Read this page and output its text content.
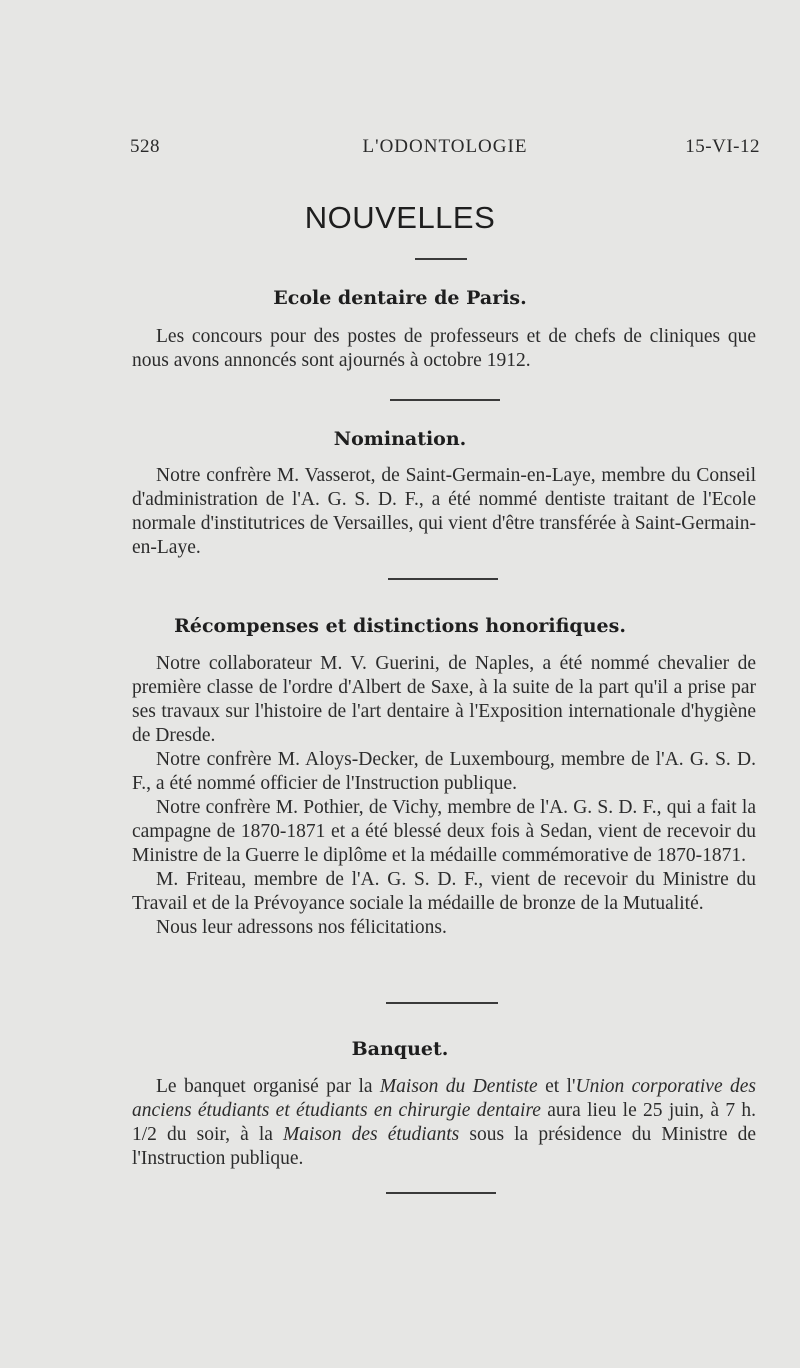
528	L'ODONTOLOGIE	15-VI-12
NOUVELLES
Ecole dentaire de Paris.

Les concours pour des postes de professeurs et de chefs de cliniques que nous avons annoncés sont ajournés à octobre 1912.

Nomination.

Notre confrère M. Vasserot, de Saint-Germain-en-Laye, membre du Conseil d'administration de l'A. G. S. D. F., a été nommé dentiste traitant de l'Ecole normale d'institutrices de Versailles, qui vient d'être transférée à Saint-Germain-en-Laye.

Récompenses et distinctions honorifiques.

Notre collaborateur M. V. Guerini, de Naples, a été nommé chevalier de première classe de l'ordre d'Albert de Saxe, à la suite de la part qu'il a prise par ses travaux sur l'histoire de l'art dentaire à l'Exposition internationale d'hygiène de Dresde.

Notre confrère M. Aloys-Decker, de Luxembourg, membre de l'A. G. S. D. F., a été nommé officier de l'Instruction publique.

Notre confrère M. Pothier, de Vichy, membre de l'A. G. S. D. F., qui a fait la campagne de 1870-1871 et a été blessé deux fois à Sedan, vient de recevoir du Ministre de la Guerre le diplôme et la médaille commémorative de 1870-1871.

M. Friteau, membre de l'A. G. S. D. F., vient de recevoir du Ministre du Travail et de la Prévoyance sociale la médaille de bronze de la Mutualité.

Nous leur adressons nos félicitations.

Banquet.

Le banquet organisé par la Maison du Dentiste et l'Union corporative des anciens étudiants et étudiants en chirurgie dentaire aura lieu le 25 juin, à 7 h. 1/2 du soir, à la Maison des étudiants sous la présidence du Ministre de l'Instruction publique.
